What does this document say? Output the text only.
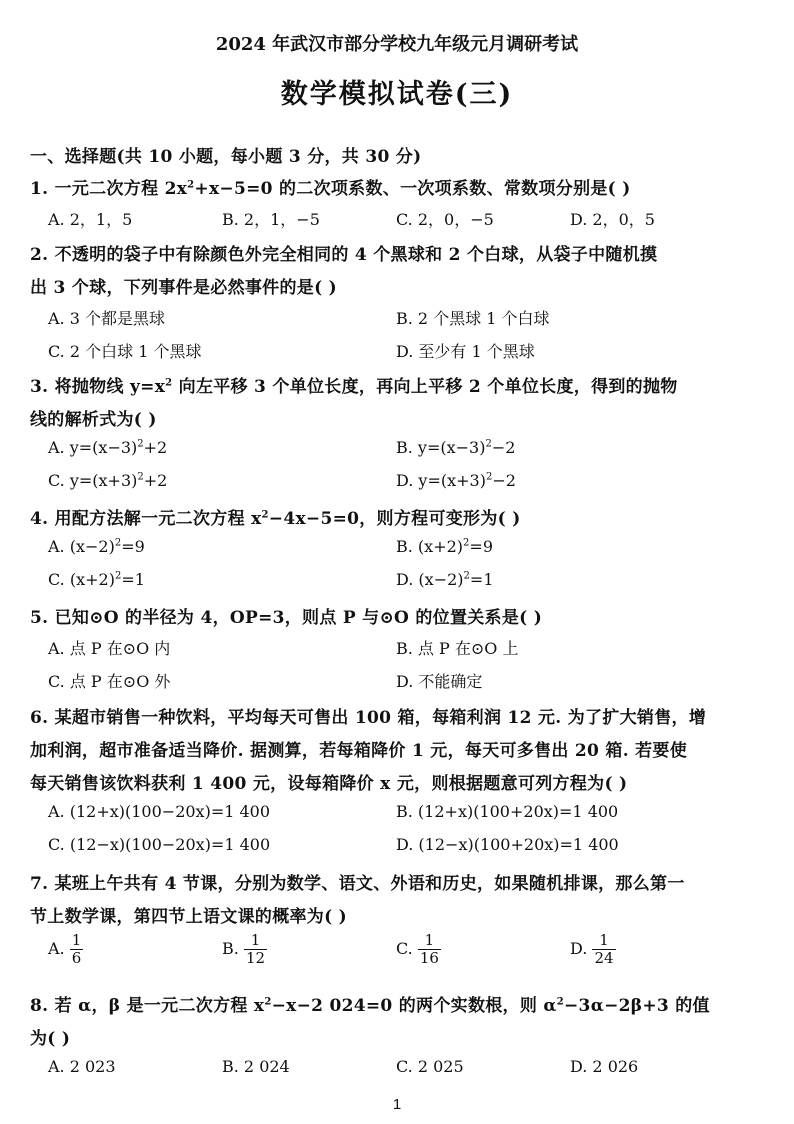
2024 年武汉市部分学校九年级元月调研考试
数学模拟试卷(三)
一、选择题(共 10 小题，每小题 3 分，共 30 分)
1. 一元二次方程 $2x^2+x-5=0$ 的二次项系数、一次项系数、常数项分别是( )
A. 2，1，5	B. 2，1，−5	C. 2，0，−5	D. 2，0，5
2. 不透明的袋子中有除颜色外完全相同的 4 个黑球和 2 个白球，从袋子中随机摸
出 3 个球，下列事件是必然事件的是( )
A. 3 个都是黑球	B. 2 个黑球 1 个白球
C. 2 个白球 1 个黑球	D. 至少有 1 个黑球
3. 将抛物线 $y=x^2$ 向左平移 3 个单位长度，再向上平移 2 个单位长度，得到的抛物
线的解析式为( )
A. $y=(x-3)^2+2$	B. $y=(x-3)^2-2$
C. $y=(x+3)^2+2$	D. $y=(x+3)^2-2$
4. 用配方法解一元二次方程 $x^2-4x-5=0$，则方程可变形为( )
A. $(x-2)^2=9$	B. $(x+2)^2=9$
C. $(x+2)^2=1$	D. $(x-2)^2=1$
5. 已知⊙O 的半径为 4，OP=3，则点 P 与⊙O 的位置关系是( )
A. 点 P 在⊙O 内	B. 点 P 在⊙O 上
C. 点 P 在⊙O 外	D. 不能确定
6. 某超市销售一种饮料，平均每天可售出 100 箱，每箱利润 12 元. 为了扩大销售，增
加利润，超市准备适当降价. 据测算，若每箱降价 1 元，每天可多售出 20 箱. 若要使
每天销售该饮料获利 1 400 元，设每箱降价 x 元，则根据题意可列方程为( )
A. (12+x)(100−20x)=1 400	B. (12+x)(100+20x)=1 400
C. (12−x)(100−20x)=1 400	D. (12−x)(100+20x)=1 400
7. 某班上午共有 4 节课，分别为数学、语文、外语和历史，如果随机排课，那么第一
节上数学课，第四节上语文课的概率为( )
A. $\frac{1}{6}$	B. $\frac{1}{12}$	C. $\frac{1}{16}$	D. $\frac{1}{24}$
8. 若 α，β 是一元二次方程 $x^2-x-2$ 024=0 的两个实数根，则 $\alpha^2-3\alpha-2\beta+3$ 的值
为( )
A. 2 023	B. 2 024	C. 2 025	D. 2 026
1
